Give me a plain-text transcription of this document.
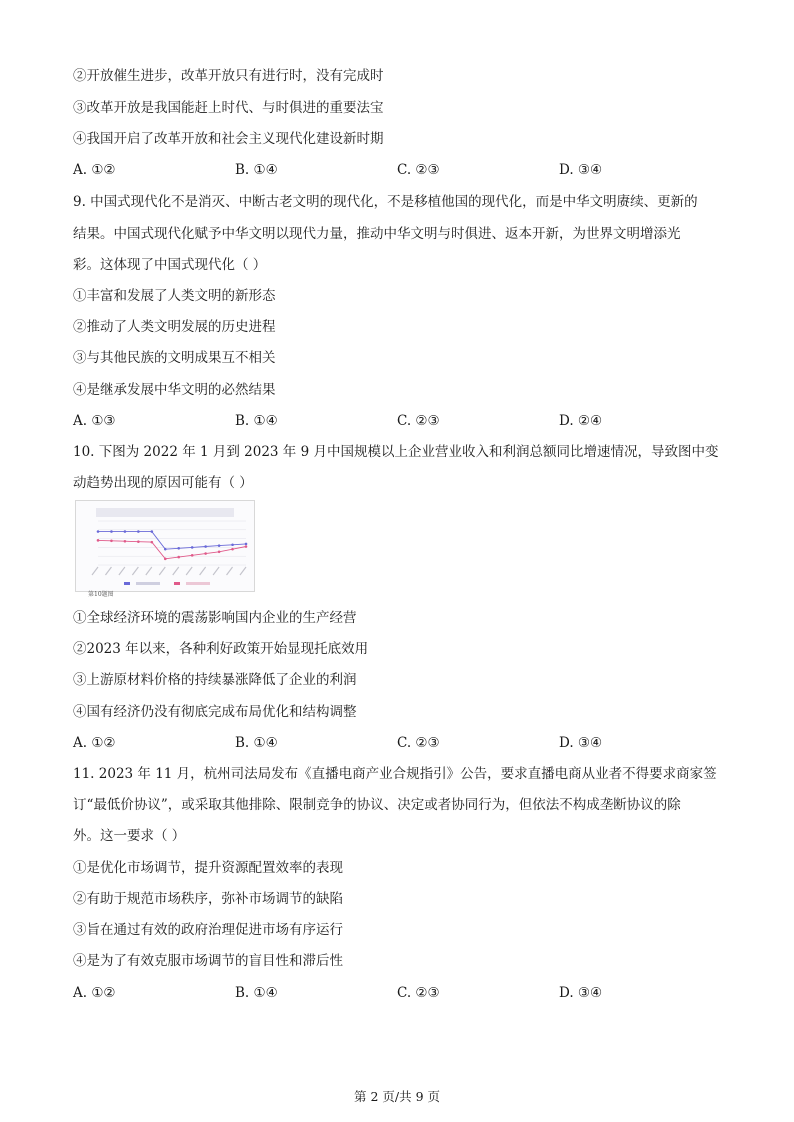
②开放催生进步，改革开放只有进行时，没有完成时
③改革开放是我国能赶上时代、与时俱进的重要法宝
④我国开启了改革开放和社会主义现代化建设新时期
A. ①②	B. ①④	C. ②③	D. ③④
9. 中国式现代化不是消灭、中断古老文明的现代化，不是移植他国的现代化，而是中华文明赓续、更新的
结果。中国式现代化赋予中华文明以现代力量，推动中华文明与时俱进、返本开新，为世界文明增添光
彩。这体现了中国式现代化（ ）
①丰富和发展了人类文明的新形态
②推动了人类文明发展的历史进程
③与其他民族的文明成果互不相关
④是继承发展中华文明的必然结果
A. ①③	B. ①④	C. ②③	D. ②④
10. 下图为 2022 年 1 月到 2023 年 9 月中国规模以上企业营业收入和利润总额同比增速情况，导致图中变
动趋势出现的原因可能有（ ）
第10题图
①全球经济环境的震荡影响国内企业的生产经营
②2023 年以来，各种利好政策开始显现托底效用
③上游原材料价格的持续暴涨降低了企业的利润
④国有经济仍没有彻底完成布局优化和结构调整
A. ①②	B. ①④	C. ②③	D. ③④
11. 2023 年 11 月，杭州司法局发布《直播电商产业合规指引》公告，要求直播电商从业者不得要求商家签
订“最低价协议”，或采取其他排除、限制竞争的协议、决定或者协同行为，但依法不构成垄断协议的除
外。这一要求（ ）
①是优化市场调节，提升资源配置效率的表现
②有助于规范市场秩序，弥补市场调节的缺陷
③旨在通过有效的政府治理促进市场有序运行
④是为了有效克服市场调节的盲目性和滞后性
A. ①②	B. ①④	C. ②③	D. ③④
第 2 页/共 9 页
